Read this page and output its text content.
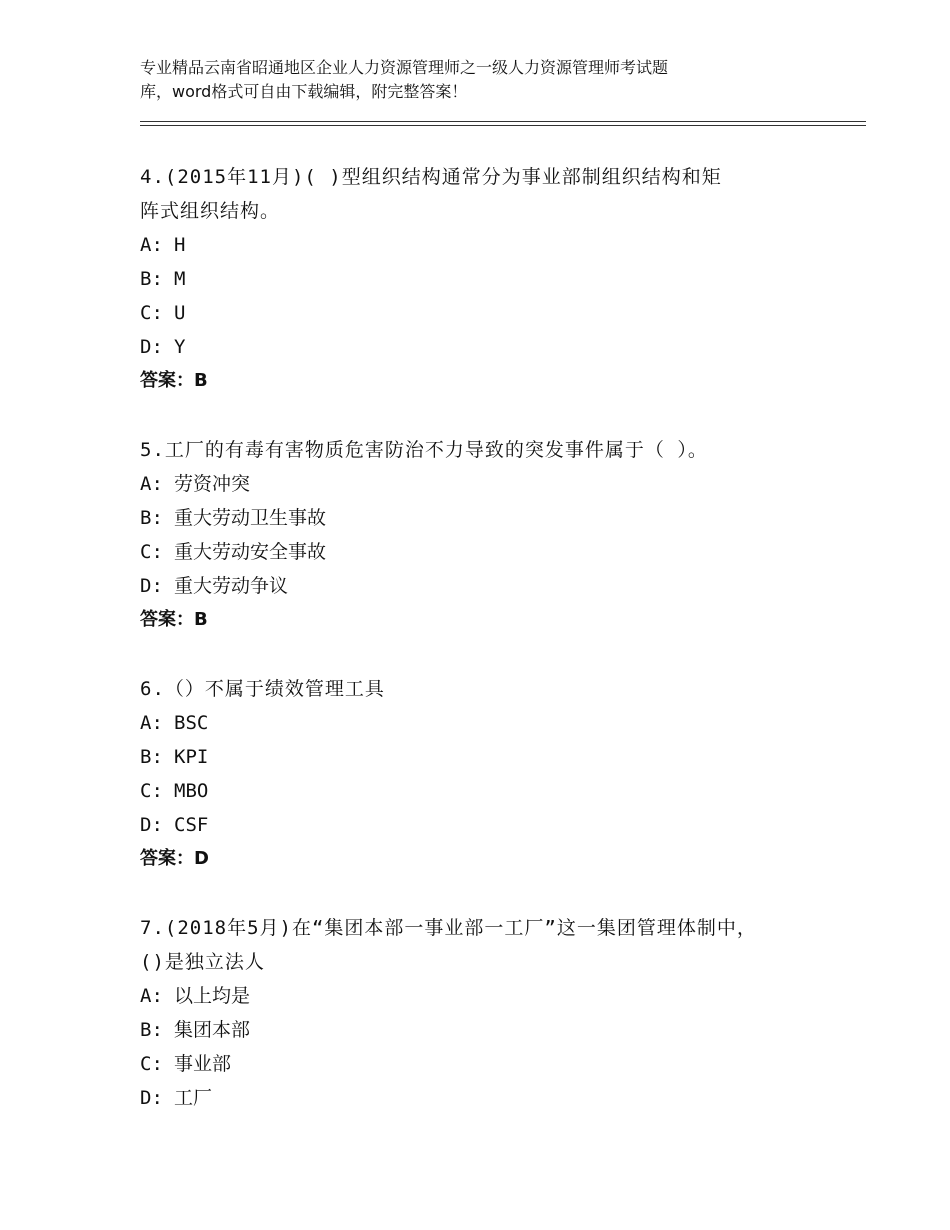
专业精品云南省昭通地区企业人力资源管理师之一级人力资源管理师考试题
库，word格式可自由下载编辑，附完整答案！
4.(2015年11月)( )型组织结构通常分为事业部制组织结构和矩
阵式组织结构。
A: H
B: M
C: U
D: Y
答案：B
5.工厂的有毒有害物质危害防治不力导致的突发事件属于（ ）。
A: 劳资冲突
B: 重大劳动卫生事故
C: 重大劳动安全事故
D: 重大劳动争议
答案：B
6.（）不属于绩效管理工具
A: BSC
B: KPI
C: MBO
D: CSF
答案：D
7.(2018年5月)在“集团本部一事业部一工厂”这一集团管理体制中，
()是独立法人
A: 以上均是
B: 集团本部
C: 事业部
D: 工厂
